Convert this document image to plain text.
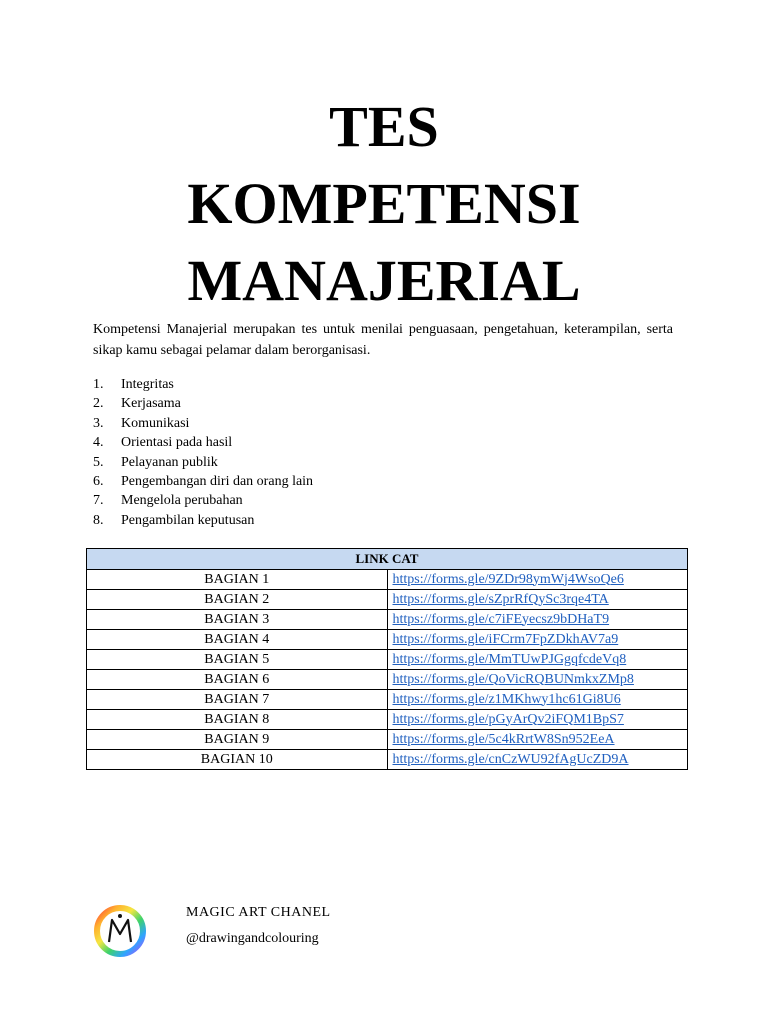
TES
KOMPETENSI
MANAJERIAL

Kompetensi Manajerial merupakan tes untuk menilai penguasaan, pengetahuan, keterampilan, serta sikap kamu sebagai pelamar dalam berorganisasi.

1.	Integritas
2.	Kerjasama
3.	Komunikasi
4.	Orientasi pada hasil
5.	Pelayanan publik
6.	Pengembangan diri dan orang lain
7.	Mengelola perubahan
8.	Pengambilan keputusan
LINK CAT	
BAGIAN 1	https://forms.gle/9ZDr98ymWj4WsoQe6
BAGIAN 2	https://forms.gle/sZprRfQySc3rqe4TA
BAGIAN 3	https://forms.gle/c7iFEyecsz9bDHaT9
BAGIAN 4	https://forms.gle/iFCrm7FpZDkhAV7a9
BAGIAN 5	https://forms.gle/MmTUwPJGgqfcdeVq8
BAGIAN 6	https://forms.gle/QoVicRQBUNmkxZMp8
BAGIAN 7	https://forms.gle/z1MKhwy1hc61Gi8U6
BAGIAN 8	https://forms.gle/pGyArQv2iFQM1BpS7
BAGIAN 9	https://forms.gle/5c4kRrtW8Sn952EeA
BAGIAN 10	https://forms.gle/cnCzWU92fAgUcZD9A
MAGIC ART CHANEL
@drawingandcolouring
